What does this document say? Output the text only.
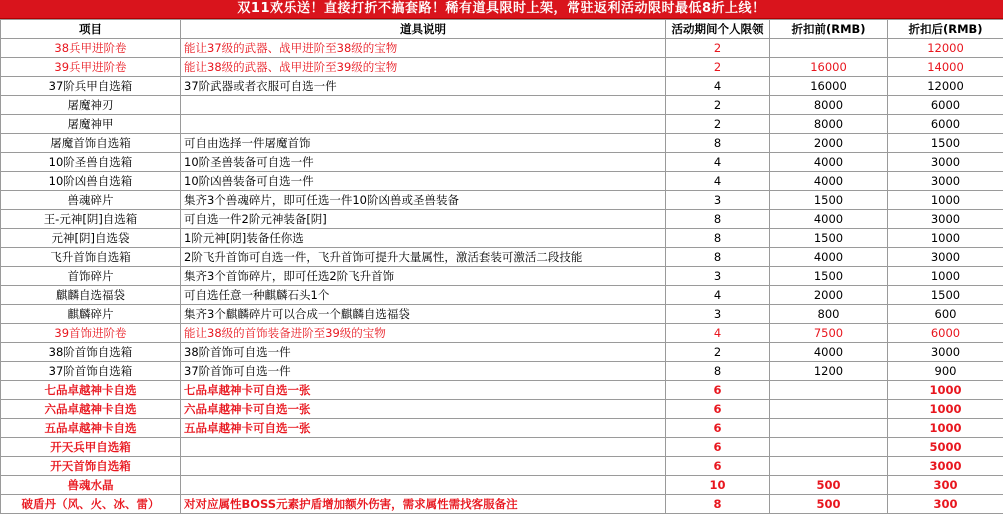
双11欢乐送！直接打折不搞套路！稀有道具限时上架，常驻返利活动限时最低8折上线！
项目	道具说明	活动期间个人限领	折扣前(RMB)	折扣后(RMB)
38兵甲进阶卷	能让37级的武器、战甲进阶至38级的宝物	2		12000
39兵甲进阶卷	能让38级的武器、战甲进阶至39级的宝物	2	16000	14000
37阶兵甲自选箱	37阶武器或者衣服可自选一件	4	16000	12000
屠魔神刃		2	8000	6000
屠魔神甲		2	8000	6000
屠魔首饰自选箱	可自由选择一件屠魔首饰	8	2000	1500
10阶圣兽自选箱	10阶圣兽装备可自选一件	4	4000	3000
10阶凶兽自选箱	10阶凶兽装备可自选一件	4	4000	3000
兽魂碎片	集齐3个兽魂碎片，即可任选一件10阶凶兽或圣兽装备	3	1500	1000
王-元神[阴]自选箱	可自选一件2阶元神装备[阴]	8	4000	3000
元神[阴]自选袋	1阶元神[阴]装备任你选	8	1500	1000
飞升首饰自选箱	2阶飞升首饰可自选一件，飞升首饰可提升大量属性，激活套装可激活二段技能	8	4000	3000
首饰碎片	集齐3个首饰碎片，即可任选2阶飞升首饰	3	1500	1000
麒麟自选福袋	可自选任意一种麒麟石头1个	4	2000	1500
麒麟碎片	集齐3个麒麟碎片可以合成一个麒麟自选福袋	3	800	600
39首饰进阶卷	能让38级的首饰装备进阶至39级的宝物	4	7500	6000
38阶首饰自选箱	38阶首饰可自选一件	2	4000	3000
37阶首饰自选箱	37阶首饰可自选一件	8	1200	900
七品卓越神卡自选	七品卓越神卡可自选一张	6		1000
六品卓越神卡自选	六品卓越神卡可自选一张	6		1000
五品卓越神卡自选	五品卓越神卡可自选一张	6		1000
开天兵甲自选箱		6		5000
开天首饰自选箱		6		3000
兽魂水晶		10	500	300
破盾丹（风、火、冰、雷）	对对应属性BOSS元素护盾增加额外伤害，需求属性需找客服备注	8	500	300
